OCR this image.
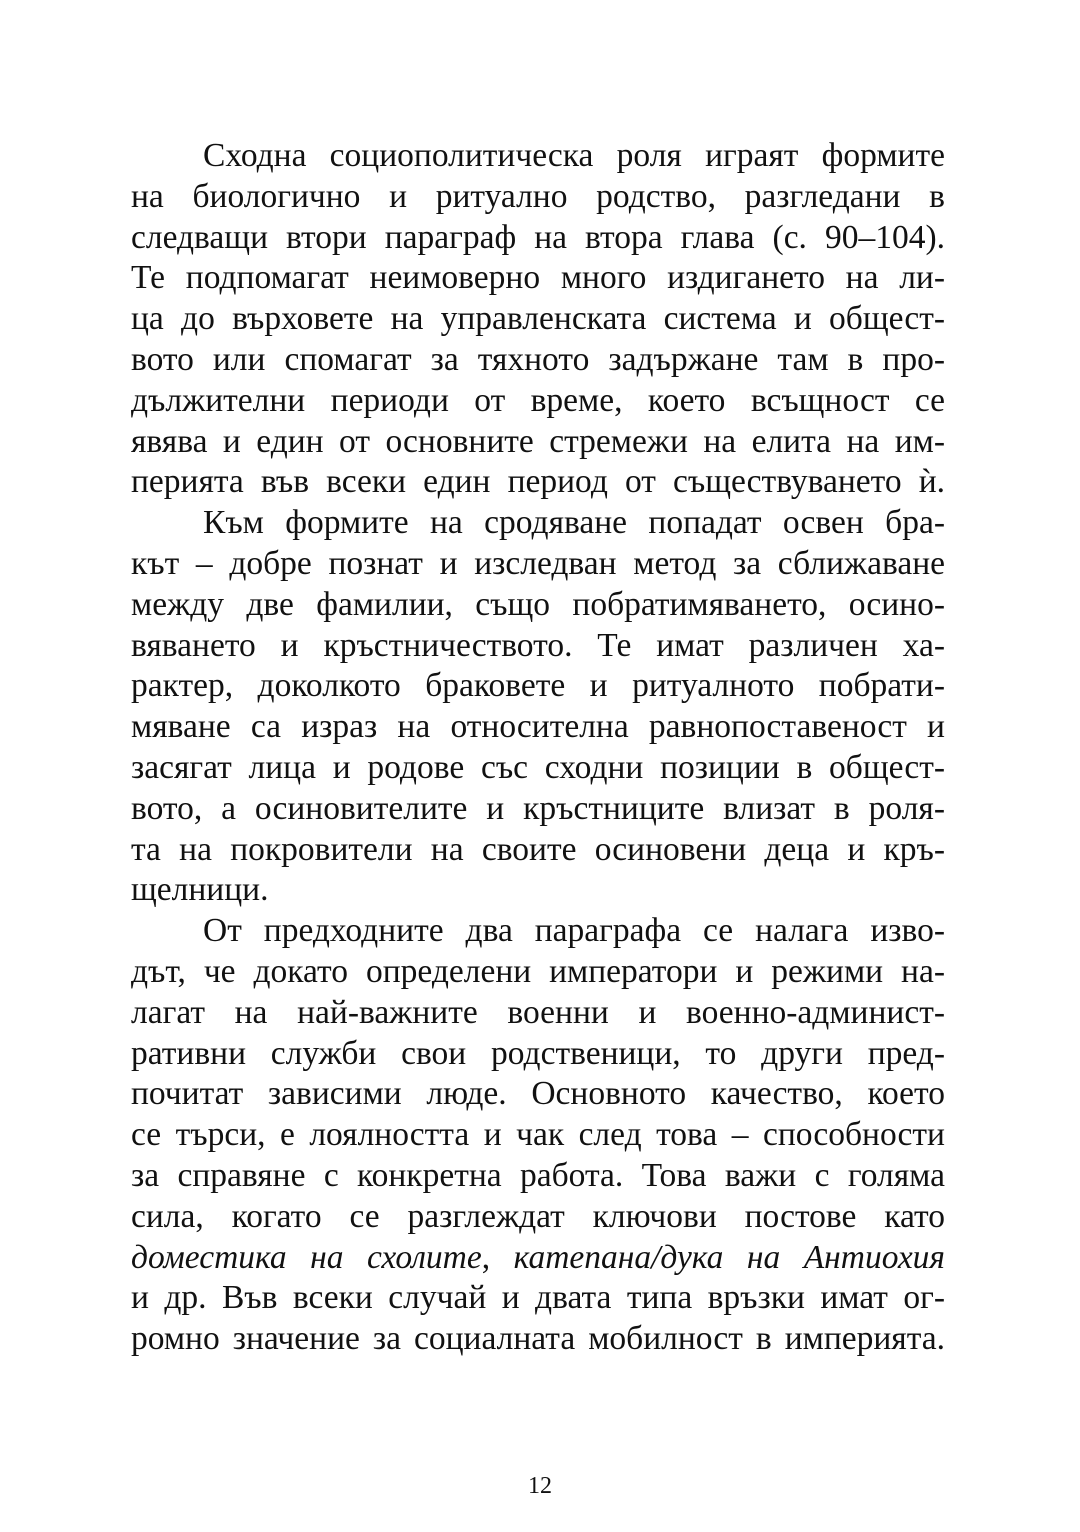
Сходна социополитическа роля играят формите
на биологично и ритуално родство, разгледани в
следващи втори параграф на втора глава (с. 90–104).
Те подпомагат неимоверно много издигането на ли-
ца до върховете на управленската система и общест-
вото или спомагат за тяхното задържане там в про-
дължителни периоди от време, което всъщност се
явява и един от основните стремежи на елита на им-
перията във всеки един период от съществуването ѝ.

Към формите на сродяване попадат освен бра-
кът – добре познат и изследван метод за сближаване
между две фамилии, също побратимяването, осино-
вяването и кръстничеството. Те имат различен ха-
рактер, доколкото браковете и ритуалното побрати-
мяване са израз на относителна равнопоставеност и
засягат лица и родове със сходни позиции в общест-
вото, а осиновителите и кръстниците влизат в роля-
та на покровители на своите осиновени деца и кръ-
щелници.

От предходните два параграфа се налага изво-
дът, че докато определени императори и режими на-
лагат на най-важните военни и военно-админист-
ративни служби свои родственици, то други пред-
почитат зависими люде. Основното качество, което
се търси, е лоялността и чак след това – способности
за справяне с конкретна работа. Това важи с голяма
сила, когато се разглеждат ключови постове като
доместика на схолите, катепана/дука на Антиохия
и др. Във всеки случай и двата типа връзки имат ог-
ромно значение за социалната мобилност в империята.

12
